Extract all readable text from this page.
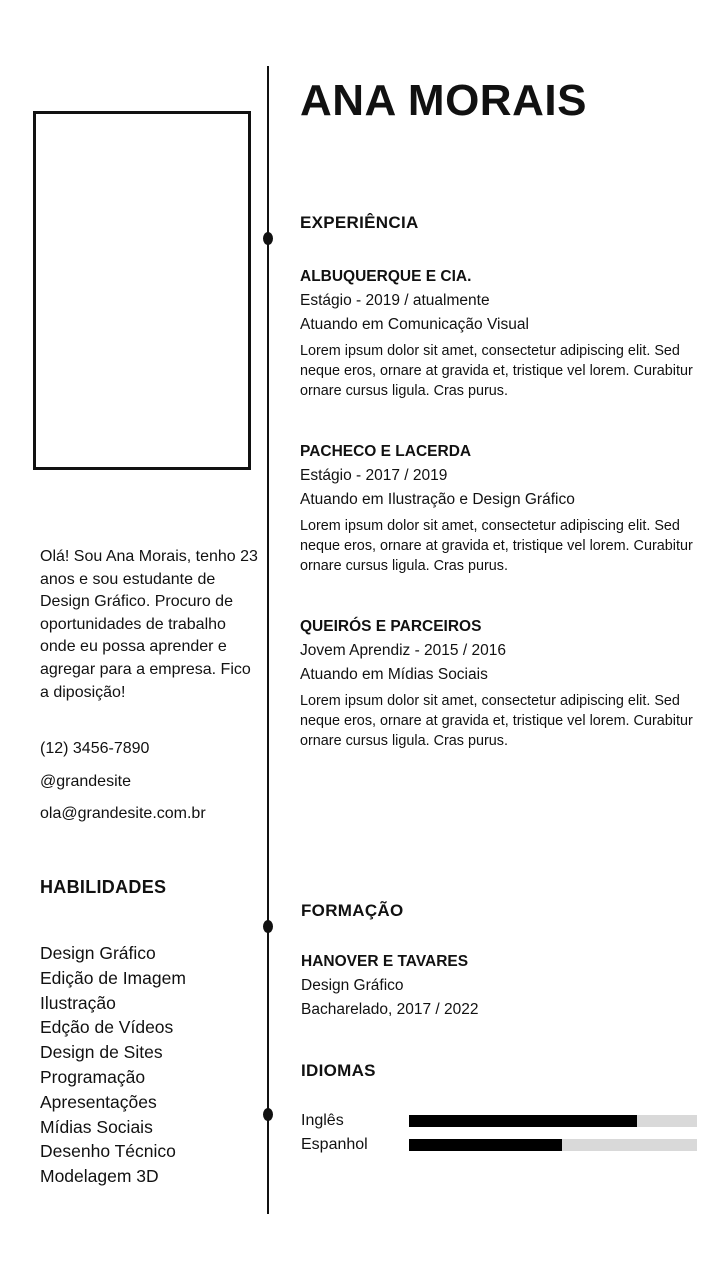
Olá! Sou Ana Morais, tenho 23 anos e sou estudante de Design Gráfico. Procuro de oportunidades de trabalho onde eu possa aprender e agregar para a empresa. Fico a diposição!

(12) 3456-7890
@grandesite
ola@grandesite.com.br
HABILIDADES
Design Gráfico
Edição de Imagem
Ilustração
Edção de Vídeos
Design de Sites
Programação
Apresentações
Mídias Sociais
Desenho Técnico
Modelagem 3D
ANA MORAIS
EXPERIÊNCIA
ALBUQUERQUE E CIA.
Estágio - 2019 / atualmente
Atuando em Comunicação Visual

Lorem ipsum dolor sit amet, consectetur adipiscing elit. Sed neque eros, ornare at gravida et, tristique vel lorem. Curabitur ornare cursus ligula. Cras purus.

PACHECO E LACERDA
Estágio - 2017 / 2019
Atuando em Ilustração e Design Gráfico

Lorem ipsum dolor sit amet, consectetur adipiscing elit. Sed neque eros, ornare at gravida et, tristique vel lorem. Curabitur ornare cursus ligula. Cras purus.

QUEIRÓS E PARCEIROS
Jovem Aprendiz - 2015 / 2016
Atuando em Mídias Sociais

Lorem ipsum dolor sit amet, consectetur adipiscing elit. Sed neque eros, ornare at gravida et, tristique vel lorem. Curabitur ornare cursus ligula. Cras purus.

FORMAÇÃO
HANOVER E TAVARES
Design Gráfico
Bacharelado, 2017 / 2022
IDIOMAS
Inglês
Espanhol
